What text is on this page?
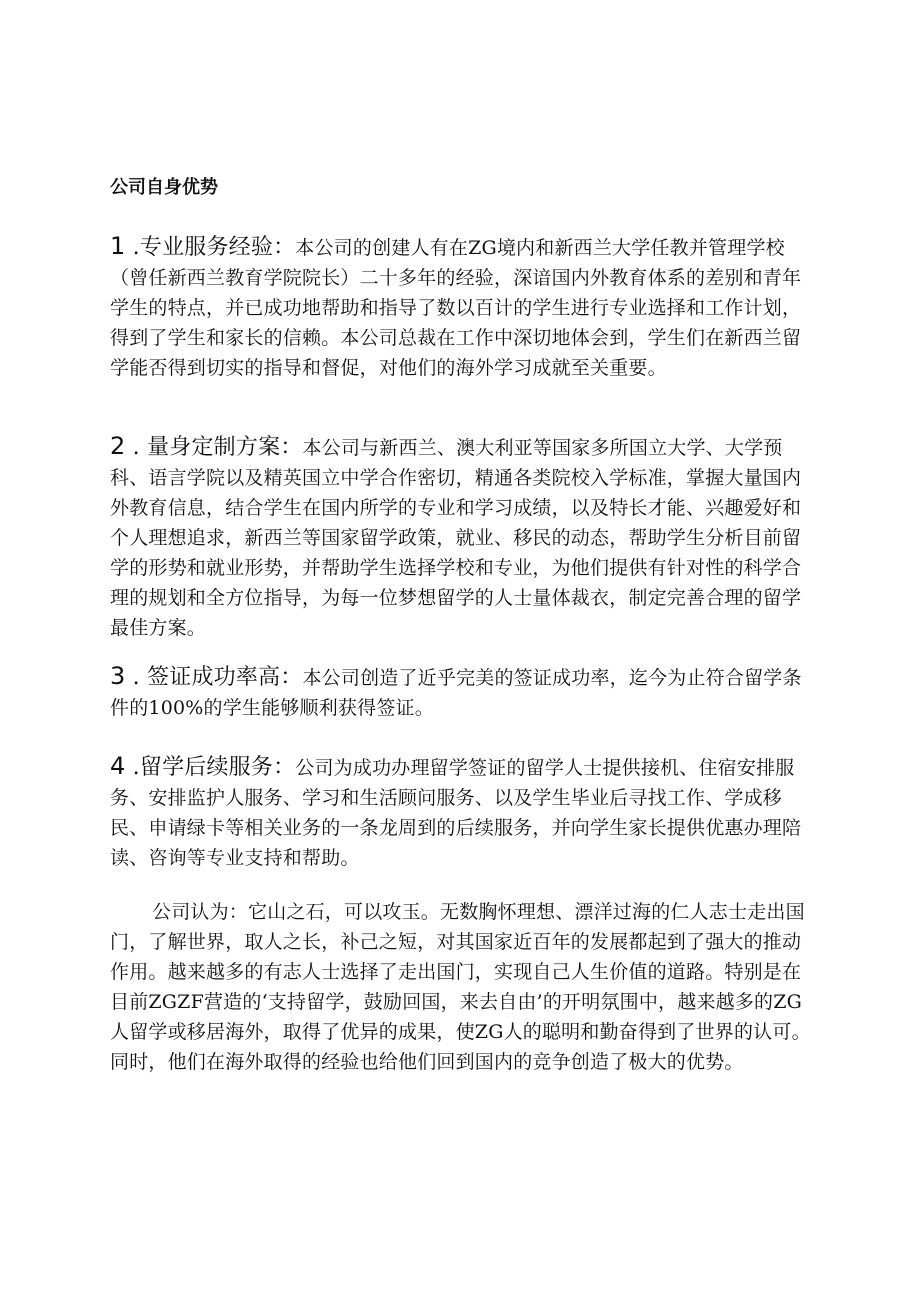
公司自身优势

1 .专业服务经验：本公司的创建人有在ZG境内和新西兰大学任教并管理学校（曾任新西兰教育学院院长）二十多年的经验，深谙国内外教育体系的差别和青年学生的特点，并已成功地帮助和指导了数以百计的学生进行专业选择和工作计划，得到了学生和家长的信赖。本公司总裁在工作中深切地体会到，学生们在新西兰留学能否得到切实的指导和督促，对他们的海外学习成就至关重要。

2 . 量身定制方案：本公司与新西兰、澳大利亚等国家多所国立大学、大学预科、语言学院以及精英国立中学合作密切，精通各类院校入学标准，掌握大量国内外教育信息，结合学生在国内所学的专业和学习成绩，以及特长才能、兴趣爱好和个人理想追求，新西兰等国家留学政策，就业、移民的动态，帮助学生分析目前留学的形势和就业形势，并帮助学生选择学校和专业，为他们提供有针对性的科学合理的规划和全方位指导，为每一位梦想留学的人士量体裁衣，制定完善合理的留学最佳方案。

3 . 签证成功率高：本公司创造了近乎完美的签证成功率，迄今为止符合留学条件的100%的学生能够顺利获得签证。

4 .留学后续服务：公司为成功办理留学签证的留学人士提供接机、住宿安排服务、安排监护人服务、学习和生活顾问服务、以及学生毕业后寻找工作、学成移民、申请绿卡等相关业务的一条龙周到的后续服务，并向学生家长提供优惠办理陪读、咨询等专业支持和帮助。

公司认为：它山之石，可以攻玉。无数胸怀理想、漂洋过海的仁人志士走出国门，了解世界，取人之长，补己之短，对其国家近百年的发展都起到了强大的推动作用。越来越多的有志人士选择了走出国门，实现自己人生价值的道路。特别是在目前ZGZF营造的‘支持留学，鼓励回国，来去自由’的开明氛围中，越来越多的ZG人留学或移居海外，取得了优异的成果，使ZG人的聪明和勤奋得到了世界的认可。同时，他们在海外取得的经验也给他们回到国内的竞争创造了极大的优势。
